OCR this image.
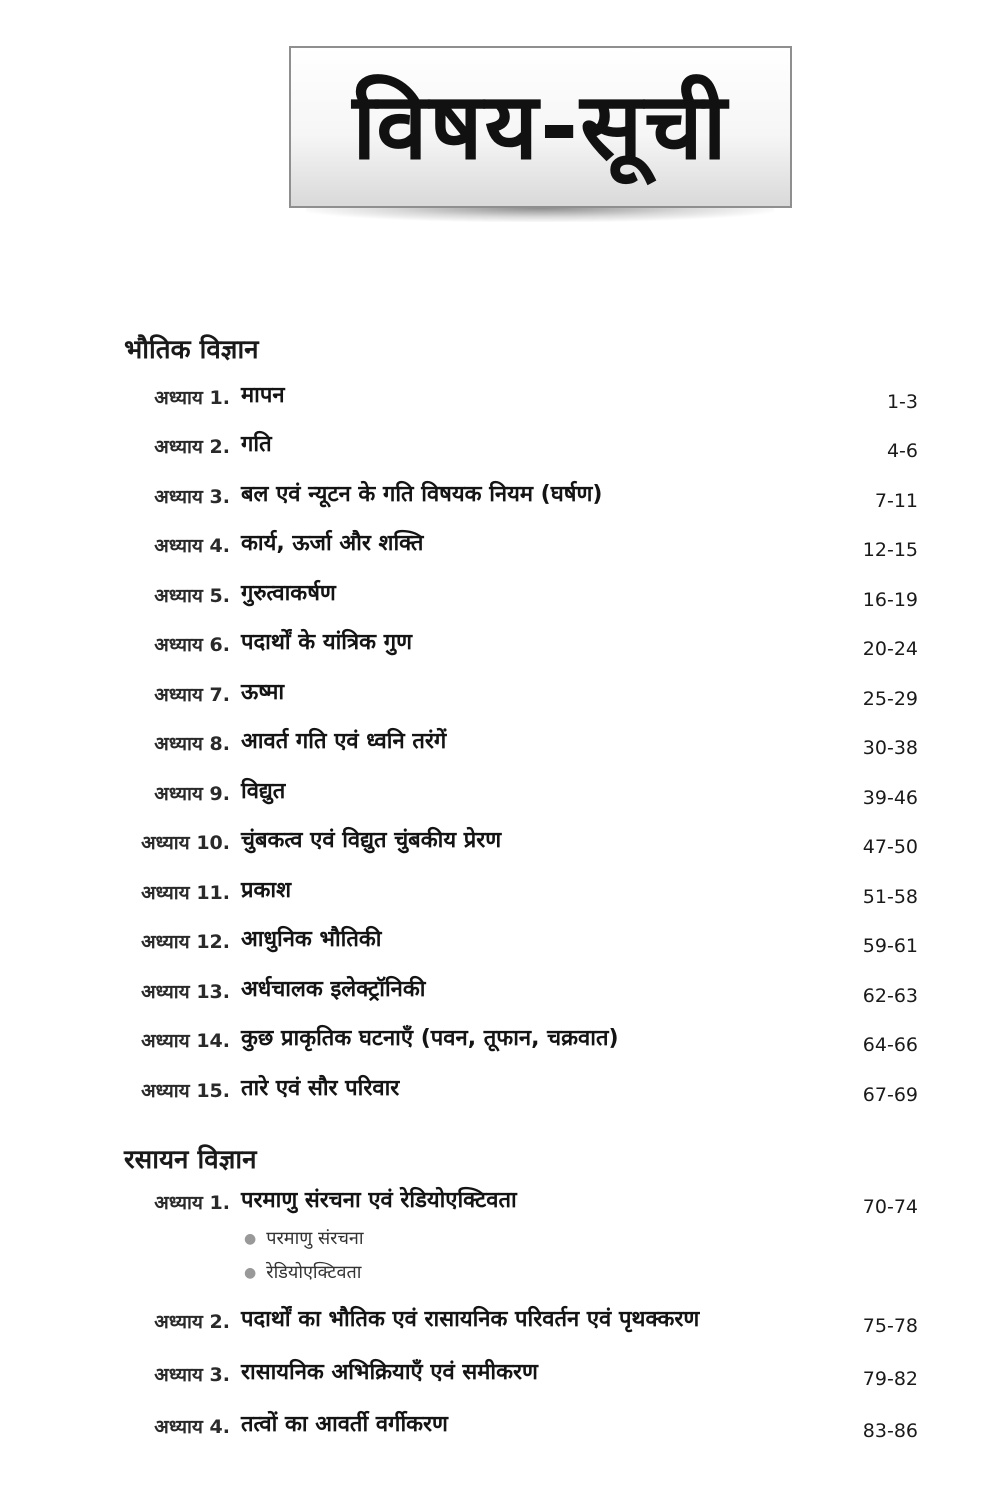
विषय-सूची
भौतिक विज्ञान
अध्याय 1. मापन	1-3
अध्याय 2. गति	4-6
अध्याय 3. बल एवं न्यूटन के गति विषयक नियम (घर्षण)	7-11
अध्याय 4. कार्य, ऊर्जा और शक्ति	12-15
अध्याय 5. गुरुत्वाकर्षण	16-19
अध्याय 6. पदार्थों के यांत्रिक गुण	20-24
अध्याय 7. ऊष्मा	25-29
अध्याय 8. आवर्त गति एवं ध्वनि तरंगें	30-38
अध्याय 9. विद्युत	39-46
अध्याय 10. चुंबकत्व एवं विद्युत चुंबकीय प्रेरण	47-50
अध्याय 11. प्रकाश	51-58
अध्याय 12. आधुनिक भौतिकी	59-61
अध्याय 13. अर्धचालक इलेक्ट्रॉनिकी	62-63
अध्याय 14. कुछ प्राकृतिक घटनाएँ (पवन, तूफान, चक्रवात)	64-66
अध्याय 15. तारे एवं सौर परिवार	67-69
रसायन विज्ञान
अध्याय 1. परमाणु संरचना एवं रेडियोएक्टिवता	70-74
● परमाणु संरचना
● रेडियोएक्टिवता
अध्याय 2. पदार्थों का भौतिक एवं रासायनिक परिवर्तन एवं पृथक्करण	75-78
अध्याय 3. रासायनिक अभिक्रियाएँ एवं समीकरण	79-82
अध्याय 4. तत्वों का आवर्ती वर्गीकरण	83-86
